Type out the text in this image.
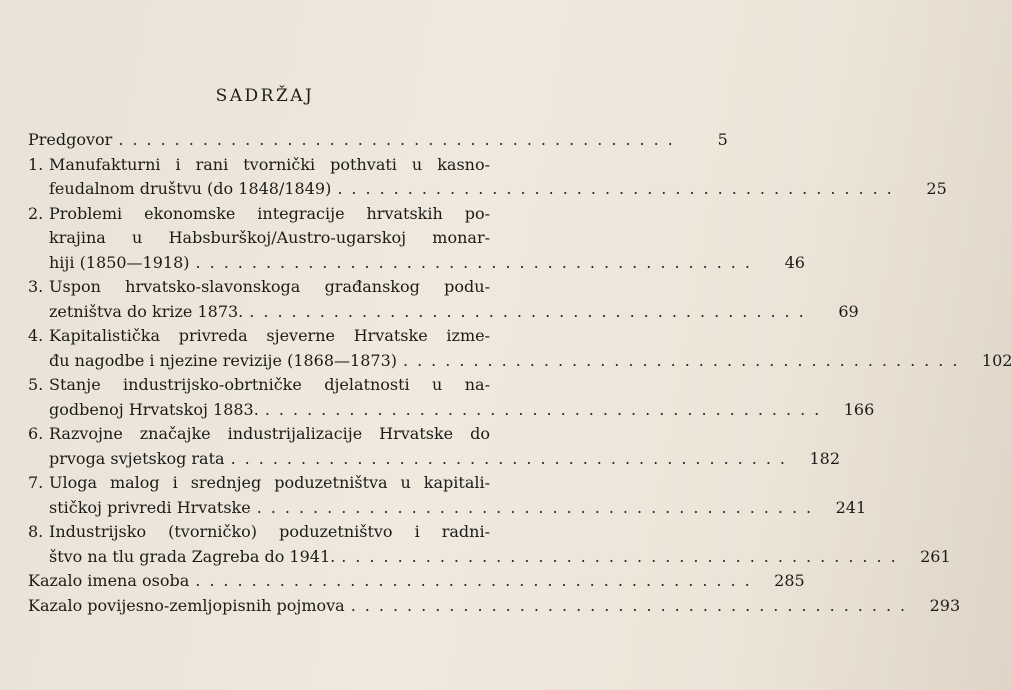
SADRŽAJ
Predgovor ........................................	5
1. Manufakturni i rani tvornički pothvati u kasno-
feudalnom društvu (do 1848/1849) ........................................	25
2. Problemi ekonomske integracije hrvatskih po-
krajina u Habsburškoj/Austro-ugarskoj monar-
hiji (1850—1918) ........................................	46
3. Uspon hrvatsko-slavonskoga građanskog podu-
zetništva do krize 1873. ........................................	69
4. Kapitalistička privreda sjeverne Hrvatske izme-
đu nagodbe i njezine revizije (1868—1873) ........................................ 102
5. Stanje industrijsko-obrtničke djelatnosti u na-
godbenoj Hrvatskoj 1883. ........................................ 166
6. Razvojne značajke industrijalizacije Hrvatske do
prvoga svjetskog rata ........................................ 182
7. Uloga malog i srednjeg poduzetništva u kapitali-
stičkoj privredi Hrvatske ........................................ 241
8. Industrijsko (tvorničko) poduzetništvo i radni-
štvo na tlu grada Zagreba do 1941. ........................................ 261
Kazalo imena osoba ........................................ 285
Kazalo povijesno-zemljopisnih pojmova ........................................ 293
